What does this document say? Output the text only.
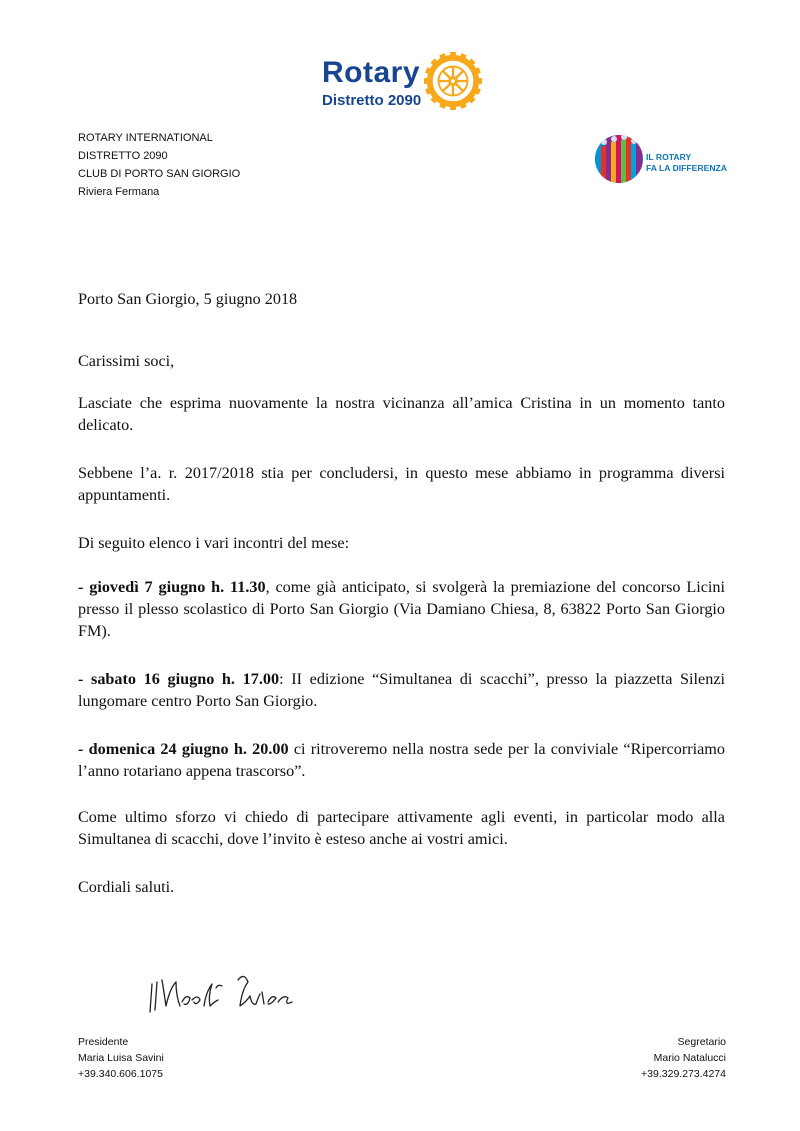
Rotary
Distretto 2090
ROTARY INTERNATIONAL
DISTRETTO 2090
CLUB DI PORTO SAN GIORGIO
Riviera Fermana
IL ROTARY
FA LA DIFFERENZA

Porto San Giorgio, 5 giugno 2018

Carissimi soci,

Lasciate che esprima nuovamente la nostra vicinanza all’amica Cristina in un momento tanto delicato.

Sebbene l’a. r. 2017/2018 stia per concludersi, in questo mese abbiamo in programma diversi appuntamenti.

Di seguito elenco i vari incontri del mese:

- giovedì 7 giugno h. 11.30, come già anticipato, si svolgerà la premiazione del concorso Licini presso il plesso scolastico di Porto San Giorgio (Via Damiano Chiesa, 8, 63822 Porto San Giorgio FM).

- sabato 16 giugno h. 17.00: II edizione “Simultanea di scacchi”, presso la piazzetta Silenzi lungomare centro Porto San Giorgio.

- domenica 24 giugno h. 20.00 ci ritroveremo nella nostra sede per la conviviale “Ripercorriamo l’anno rotariano appena trascorso”.

Come ultimo sforzo vi chiedo di partecipare attivamente agli eventi, in particolar modo alla Simultanea di scacchi, dove l’invito è esteso anche ai vostri amici.

Cordiali saluti.

Presidente
Maria Luisa Savini
+39.340.606.1075
Segretario
Mario Natalucci
+39.329.273.4274
